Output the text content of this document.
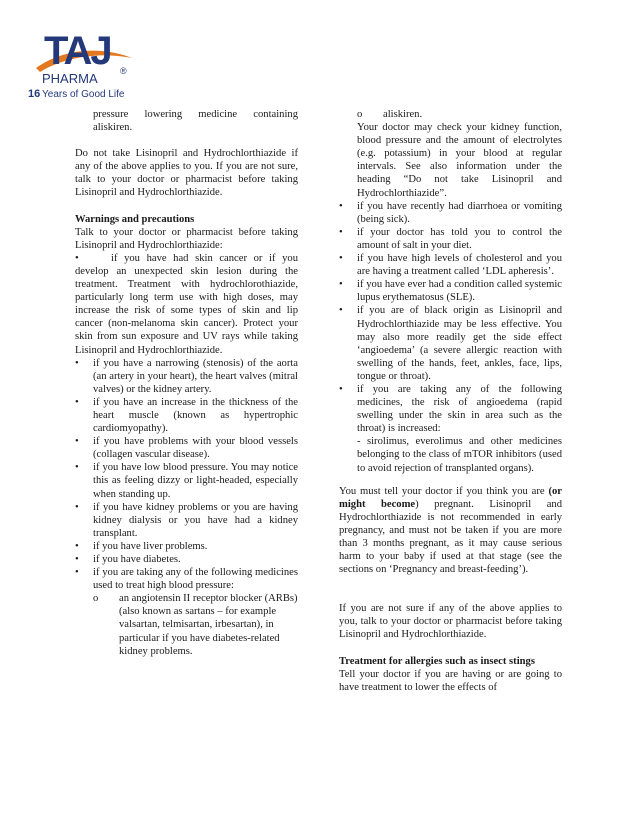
TAJ
PHARMA ®
16 Years of Good Life

pressure lowering medicine containing aliskiren.

Do not take Lisinopril and Hydrochlorthiazide if any of the above applies to you. If you are not sure, talk to your doctor or pharmacist before taking Lisinopril and Hydrochlorthiazide.

Warnings and precautions

Talk to your doctor or pharmacist before taking Lisinopril and Hydrochlorthiazide:

•	if you have had skin cancer or if you develop an unexpected skin lesion during the treatment. Treatment with hydrochlorothiazide, particularly long term use with high doses, may increase the risk of some types of skin and lip cancer (non-melanoma skin cancer). Protect your skin from sun exposure and UV rays while taking Lisinopril and Hydrochlorthiazide.

• if you have a narrowing (stenosis) of the aorta (an artery in your heart), the heart valves (mitral valves) or the kidney artery.

• if you have an increase in the thickness of the heart muscle (known as hypertrophic cardiomyopathy).

• if you have problems with your blood vessels (collagen vascular disease).

• if you have low blood pressure. You may notice this as feeling dizzy or light-headed, especially when standing up.

• if you have kidney problems or you are having kidney dialysis or you have had a kidney transplant.

• if you have liver problems.

• if you have diabetes.

• if you are taking any of the following medicines used to treat high blood pressure:

o an angiotensin II receptor blocker (ARBs) (also known as sartans – for example valsartan, telmisartan, irbesartan), in particular if you have diabetes-related kidney problems.

o aliskiren.

Your doctor may check your kidney function, blood pressure and the amount of electrolytes (e.g. potassium) in your blood at regular intervals. See also information under the heading “Do not take Lisinopril and Hydrochlorthiazide”.

• if you have recently had diarrhoea or vomiting (being sick).

• if your doctor has told you to control the amount of salt in your diet.

• if you have high levels of cholesterol and you are having a treatment called ‘LDL apheresis’.

• if you have ever had a condition called systemic lupus erythematosus (SLE).

• if you are of black origin as Lisinopril and Hydrochlorthiazide may be less effective. You may also more readily get the side effect ‘angioedema’ (a severe allergic reaction with swelling of the hands, feet, ankles, face, lips, tongue or throat).

• if you are taking any of the following medicines, the risk of angioedema (rapid swelling under the skin in area such as the throat) is increased:

- sirolimus, everolimus and other medicines belonging to the class of mTOR inhibitors (used to avoid rejection of transplanted organs).

You must tell your doctor if you think you are (or might become) pregnant. Lisinopril and Hydrochlorthiazide is not recommended in early pregnancy, and must not be taken if you are more than 3 months pregnant, as it may cause serious harm to your baby if used at that stage (see the sections on ‘Pregnancy and breast-feeding’).

If you are not sure if any of the above applies to you, talk to your doctor or pharmacist before taking Lisinopril and Hydrochlorthiazide.

Treatment for allergies such as insect stings

Tell your doctor if you are having or are going to have treatment to lower the effects of
